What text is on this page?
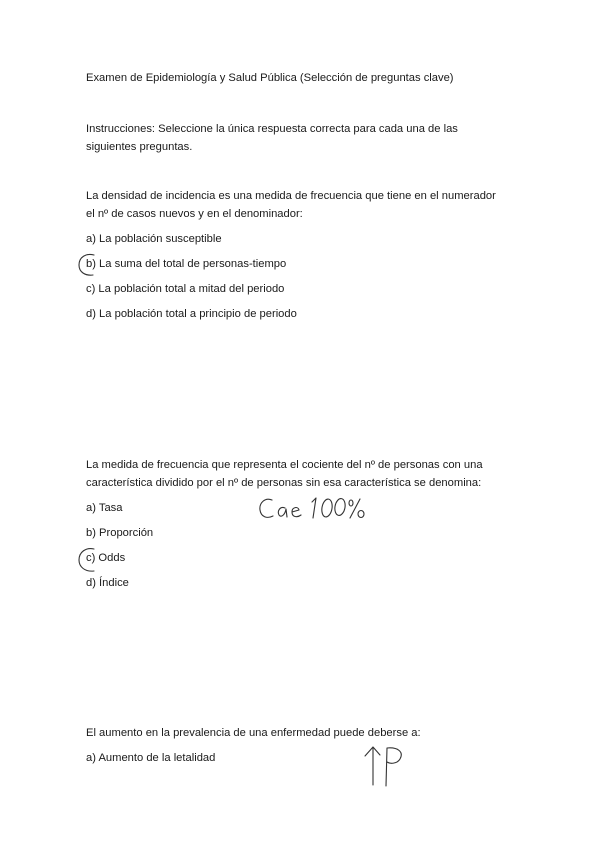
Examen de Epidemiología y Salud Pública (Selección de preguntas clave)
Instrucciones: Seleccione la única respuesta correcta para cada una de las
siguientes preguntas.
La densidad de incidencia es una medida de frecuencia que tiene en el numerador
el nº de casos nuevos y en el denominador:
a) La población susceptible
b) La suma del total de personas-tiempo
c) La población total a mitad del periodo
d) La población total a principio de periodo
La medida de frecuencia que representa el cociente del nº de personas con una
característica dividido por el nº de personas sin esa característica se denomina:
a) Tasa
b) Proporción
c) Odds
d) Índice
El aumento en la prevalencia de una enfermedad puede deberse a:
a) Aumento de la letalidad
